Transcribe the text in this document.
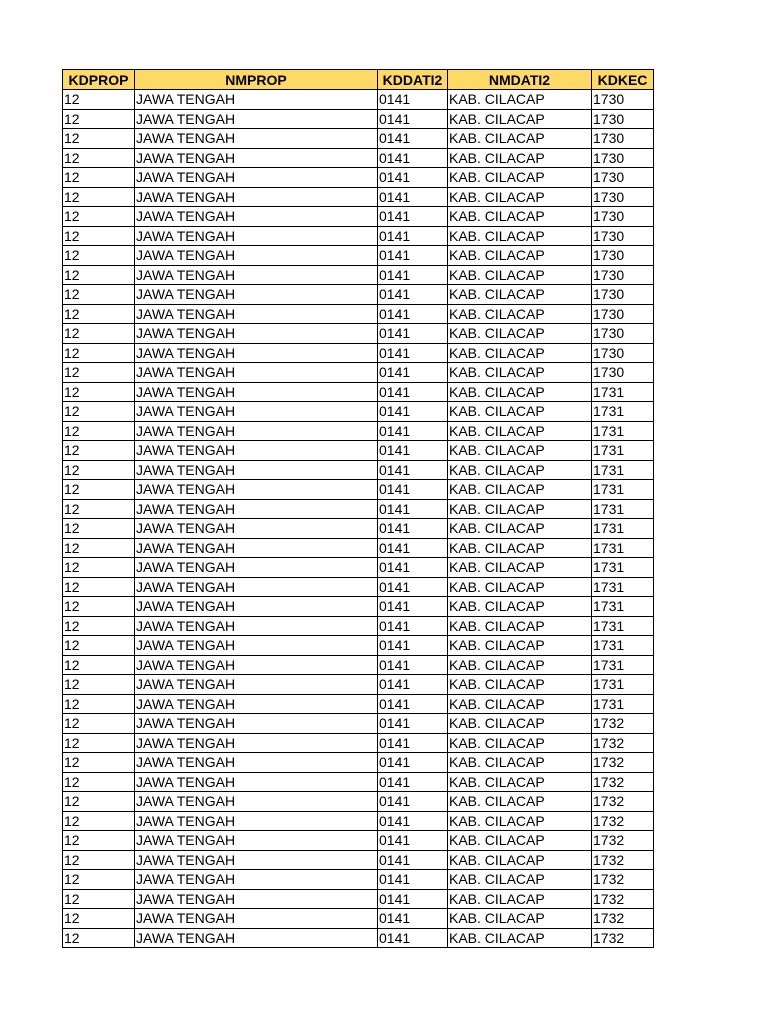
KDPROP	NMPROP	KDDATI2	NMDATI2	KDKEC
12	JAWA TENGAH	0141	KAB. CILACAP	1730
12	JAWA TENGAH	0141	KAB. CILACAP	1730
12	JAWA TENGAH	0141	KAB. CILACAP	1730
12	JAWA TENGAH	0141	KAB. CILACAP	1730
12	JAWA TENGAH	0141	KAB. CILACAP	1730
12	JAWA TENGAH	0141	KAB. CILACAP	1730
12	JAWA TENGAH	0141	KAB. CILACAP	1730
12	JAWA TENGAH	0141	KAB. CILACAP	1730
12	JAWA TENGAH	0141	KAB. CILACAP	1730
12	JAWA TENGAH	0141	KAB. CILACAP	1730
12	JAWA TENGAH	0141	KAB. CILACAP	1730
12	JAWA TENGAH	0141	KAB. CILACAP	1730
12	JAWA TENGAH	0141	KAB. CILACAP	1730
12	JAWA TENGAH	0141	KAB. CILACAP	1730
12	JAWA TENGAH	0141	KAB. CILACAP	1730
12	JAWA TENGAH	0141	KAB. CILACAP	1731
12	JAWA TENGAH	0141	KAB. CILACAP	1731
12	JAWA TENGAH	0141	KAB. CILACAP	1731
12	JAWA TENGAH	0141	KAB. CILACAP	1731
12	JAWA TENGAH	0141	KAB. CILACAP	1731
12	JAWA TENGAH	0141	KAB. CILACAP	1731
12	JAWA TENGAH	0141	KAB. CILACAP	1731
12	JAWA TENGAH	0141	KAB. CILACAP	1731
12	JAWA TENGAH	0141	KAB. CILACAP	1731
12	JAWA TENGAH	0141	KAB. CILACAP	1731
12	JAWA TENGAH	0141	KAB. CILACAP	1731
12	JAWA TENGAH	0141	KAB. CILACAP	1731
12	JAWA TENGAH	0141	KAB. CILACAP	1731
12	JAWA TENGAH	0141	KAB. CILACAP	1731
12	JAWA TENGAH	0141	KAB. CILACAP	1731
12	JAWA TENGAH	0141	KAB. CILACAP	1731
12	JAWA TENGAH	0141	KAB. CILACAP	1731
12	JAWA TENGAH	0141	KAB. CILACAP	1732
12	JAWA TENGAH	0141	KAB. CILACAP	1732
12	JAWA TENGAH	0141	KAB. CILACAP	1732
12	JAWA TENGAH	0141	KAB. CILACAP	1732
12	JAWA TENGAH	0141	KAB. CILACAP	1732
12	JAWA TENGAH	0141	KAB. CILACAP	1732
12	JAWA TENGAH	0141	KAB. CILACAP	1732
12	JAWA TENGAH	0141	KAB. CILACAP	1732
12	JAWA TENGAH	0141	KAB. CILACAP	1732
12	JAWA TENGAH	0141	KAB. CILACAP	1732
12	JAWA TENGAH	0141	KAB. CILACAP	1732
12	JAWA TENGAH	0141	KAB. CILACAP	1732
